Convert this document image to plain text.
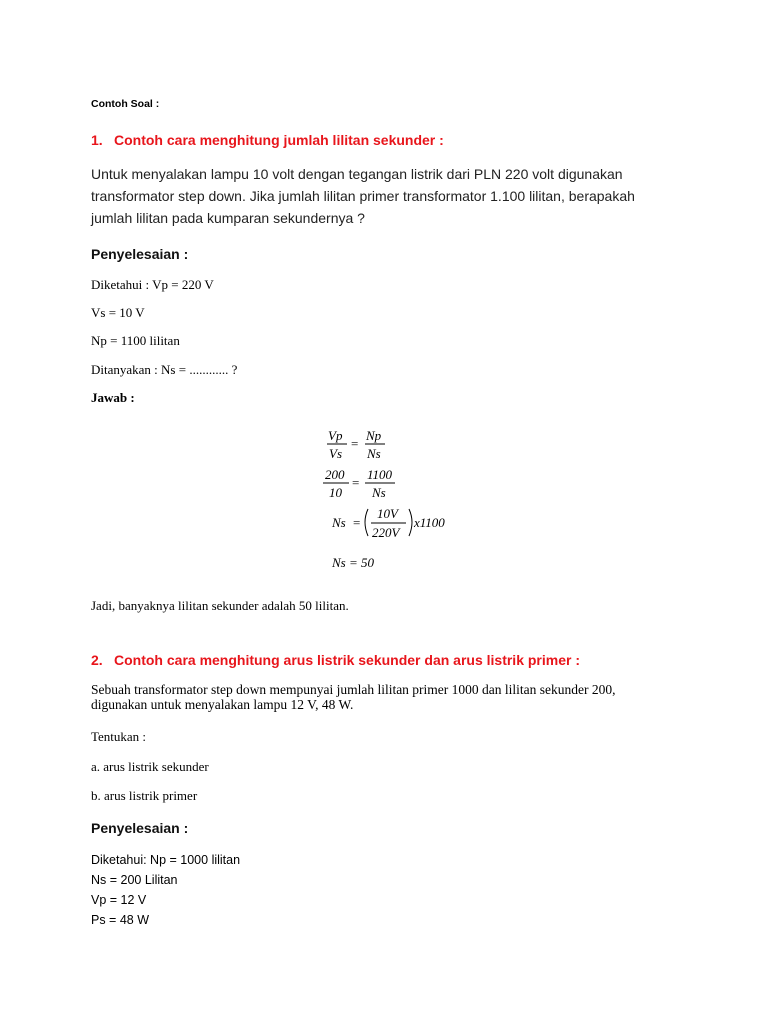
Contoh Soal :
1. Contoh cara menghitung jumlah lilitan sekunder :
Untuk menyalakan lampu 10 volt dengan tegangan listrik dari PLN 220 volt digunakan
transformator step down. Jika jumlah lilitan primer transformator 1.100 lilitan, berapakah
jumlah lilitan pada kumparan sekundernya ?
Penyelesaian :
Diketahui : Vp = 220 V
Vs = 10 V
Np = 1100 lilitan
Ditanyakan : Ns = ............ ?
Jawab :
Vp
Vs
=
Np
Ns
200
10
=
1100
Ns
Ns =
10V
220V
x1100
Ns = 50
Jadi, banyaknya lilitan sekunder adalah 50 lilitan.
2. Contoh cara menghitung arus listrik sekunder dan arus listrik primer :
Sebuah transformator step down mempunyai jumlah lilitan primer 1000 dan lilitan sekunder 200,
digunakan untuk menyalakan lampu 12 V, 48 W.
Tentukan :
a. arus listrik sekunder
b. arus listrik primer
Penyelesaian :
Diketahui: Np = 1000 lilitan
Ns = 200 Lilitan
Vp = 12 V
Ps = 48 W
